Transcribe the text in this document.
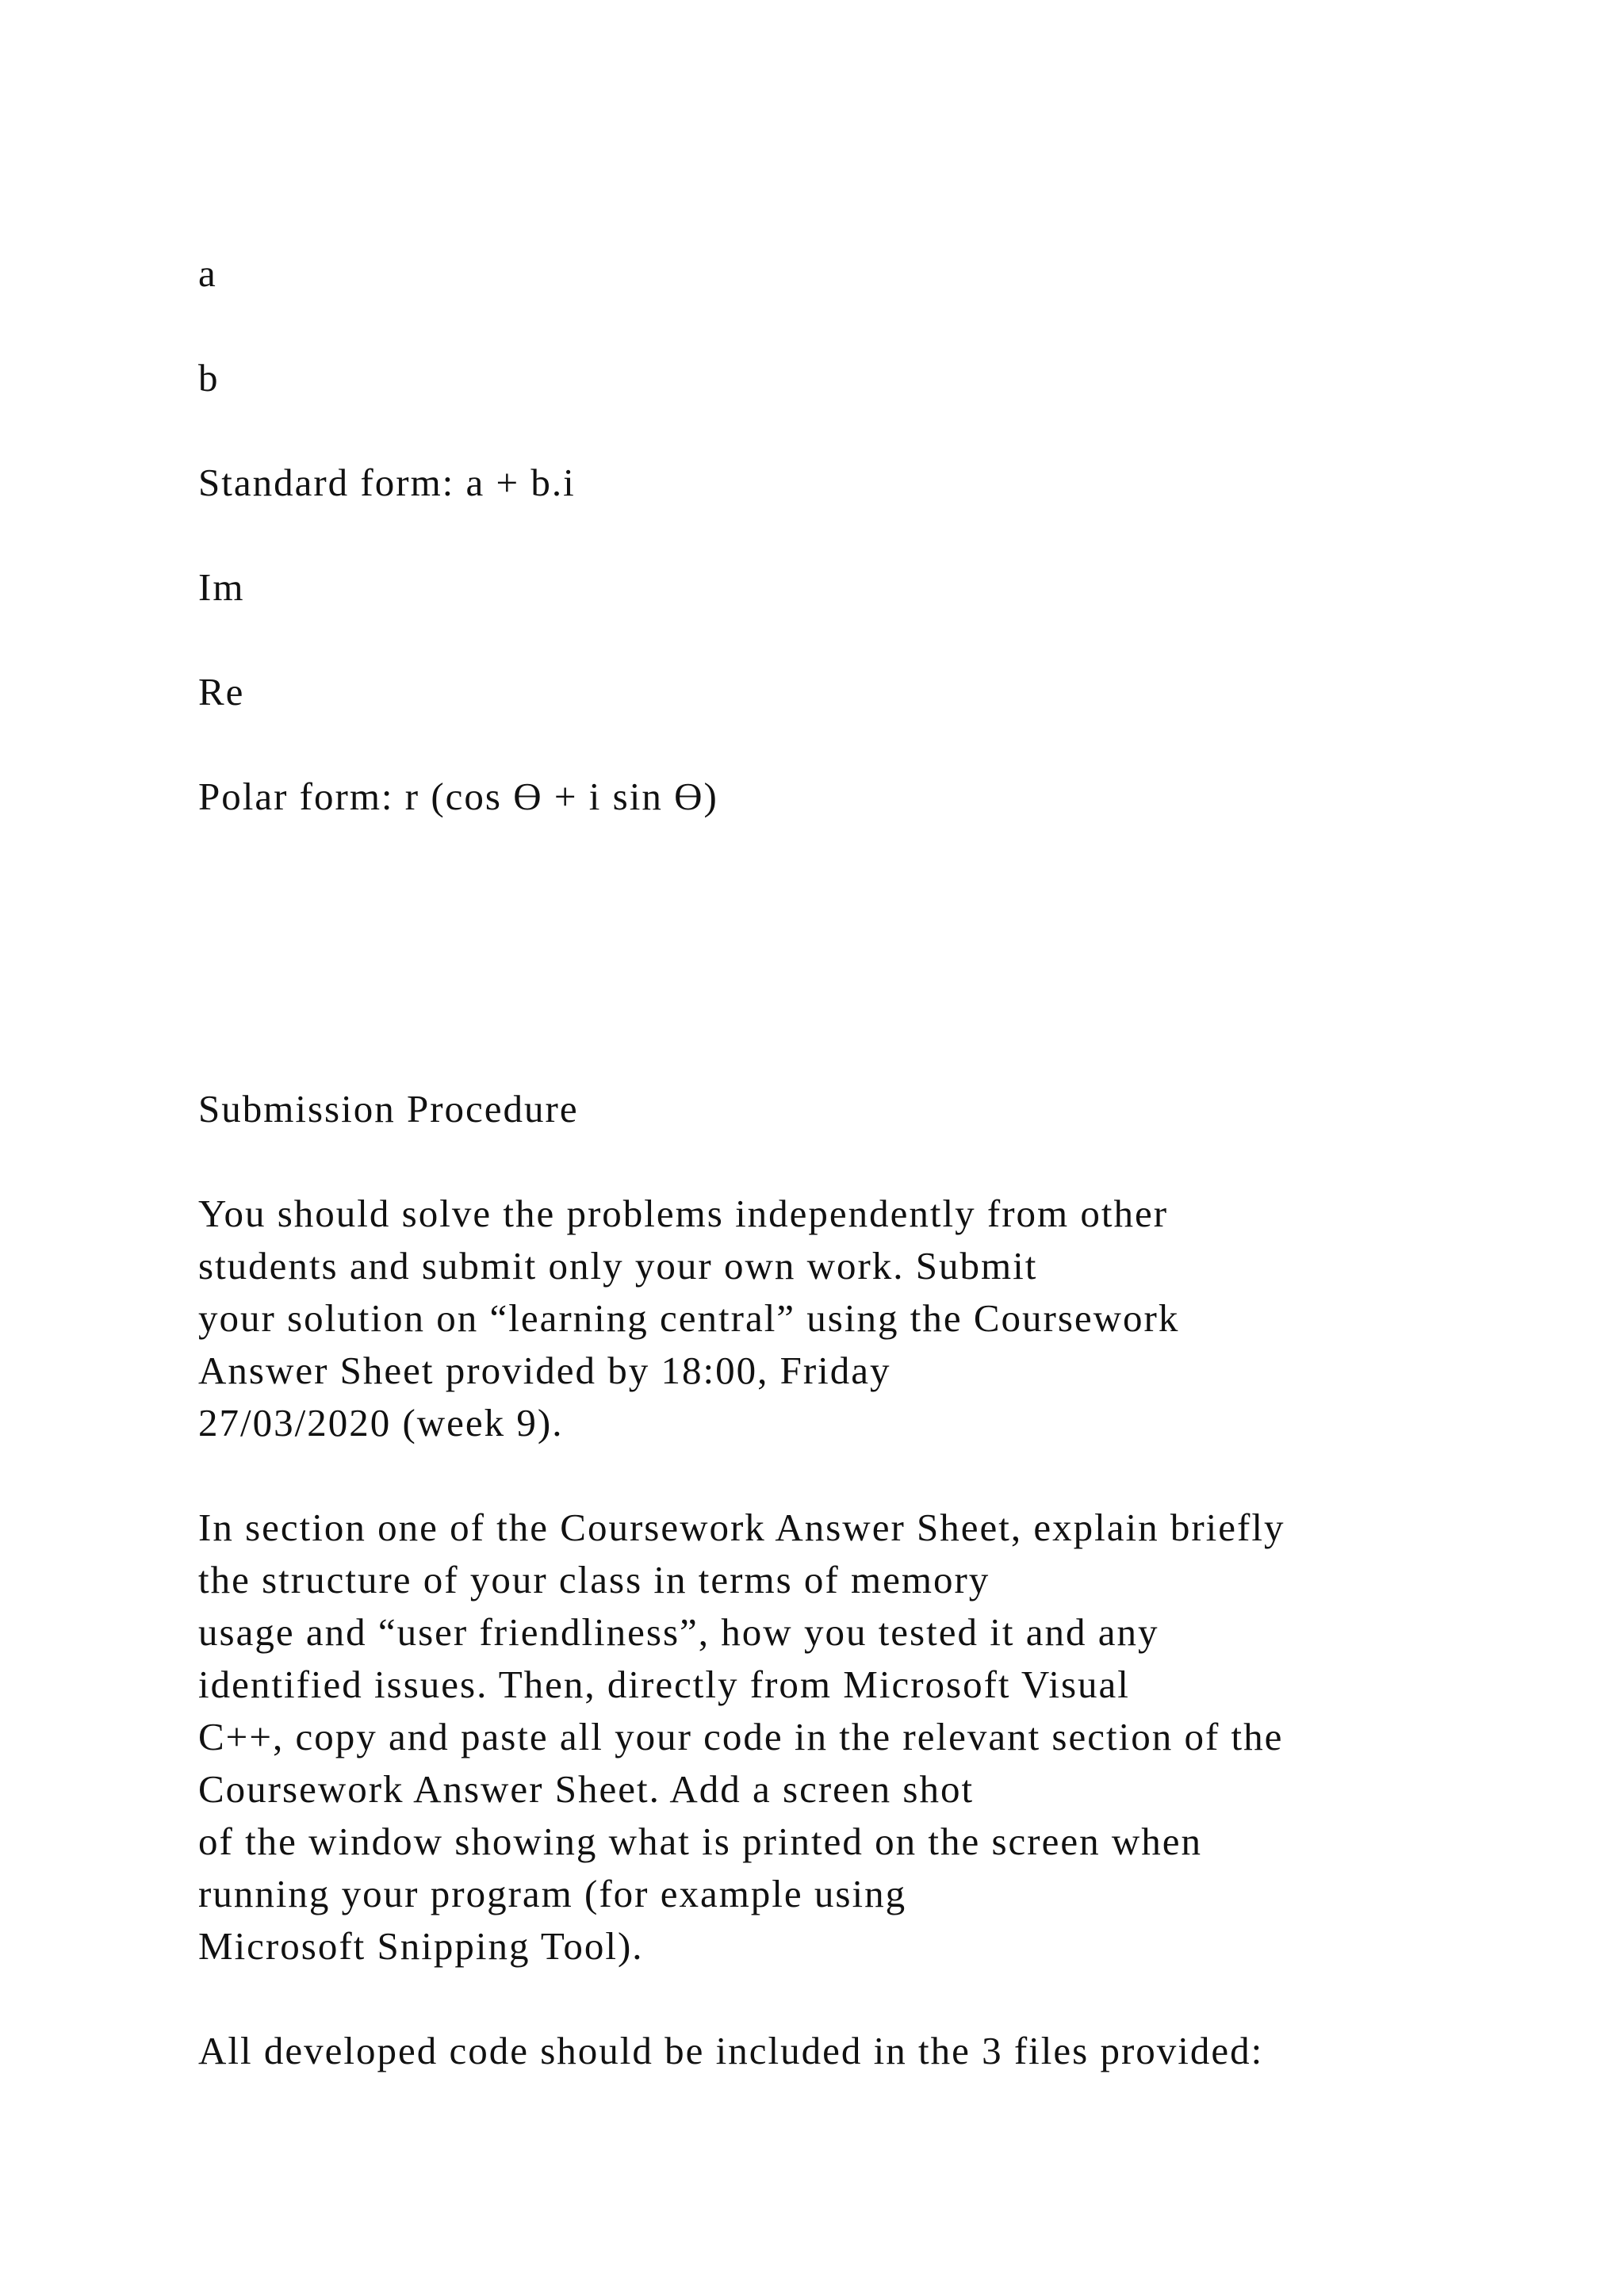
a

b

Standard form: a + b.i

Im

Re

Polar form: r (cos Ɵ + i sin Ɵ)

Submission Procedure

You should solve the problems independently from other

students and submit only your own work. Submit

your solution on “learning central” using the Coursework

Answer Sheet provided by 18:00, Friday

27/03/2020 (week 9).

In section one of the Coursework Answer Sheet, explain briefly

the structure of your class in terms of memory

usage and “user friendliness”, how you tested it and any

identified issues. Then, directly from Microsoft Visual

C++, copy and paste all your code in the relevant section of the

Coursework Answer Sheet. Add a screen shot

of the window showing what is printed on the screen when

running your program (for example using

Microsoft Snipping Tool).

All developed code should be included in the 3 files provided:
